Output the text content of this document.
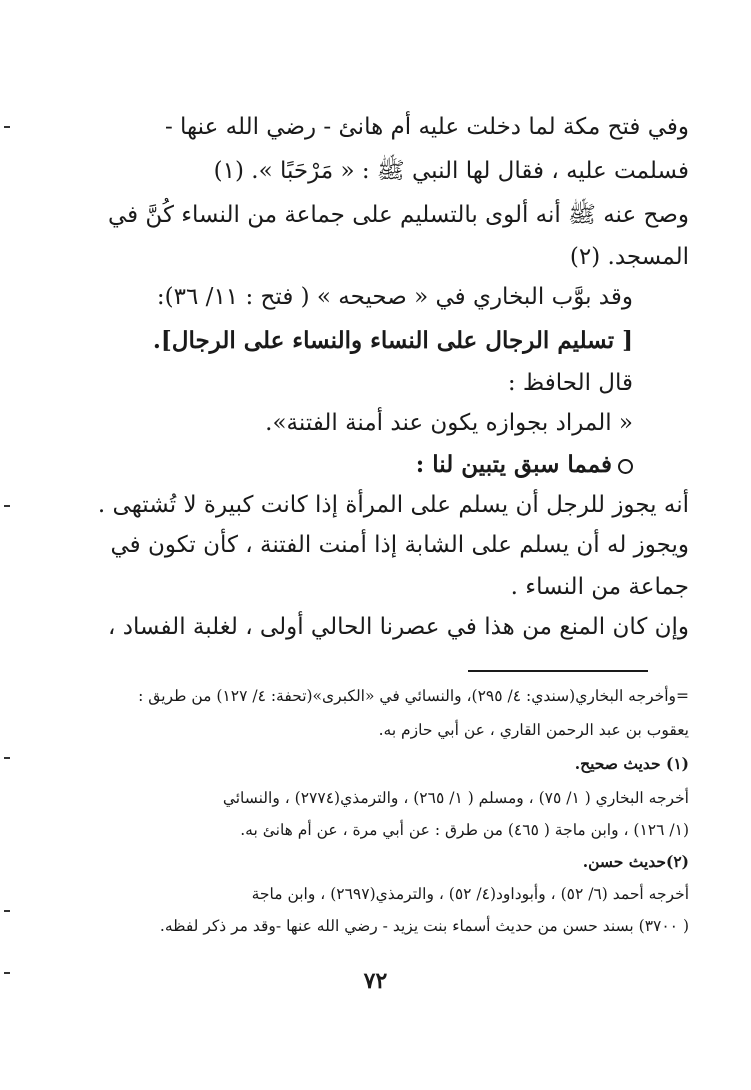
وفي فتح مكة لما دخلت عليه أم هانئ - رضي الله عنها -
فسلمت عليه ، فقال لها النبي ﷺ : « مَرْحَبًا ». (١)
وصح عنه ﷺ أنه ألوى بالتسليم على جماعة من النساء كُنَّ في
المسجد. (٢)
وقد بوَّب البخاري في « صحيحه » ( فتح : ١١/ ٣٦):
[ تسليم الرجال على النساء والنساء على الرجال].
قال الحافظ :
« المراد بجوازه يكون عند أمنة الفتنة».
فمما سبق يتبين لنا :
أنه يجوز للرجل أن يسلم على المرأة إذا كانت كبيرة لا تُشتهى .
ويجوز له أن يسلم على الشابة إذا أمنت الفتنة ، كأن تكون في
جماعة من النساء .
وإن كان المنع من هذا في عصرنا الحالي أولى ، لغلبة الفساد ،
=وأخرجه البخاري(سندي: ٤/ ٢٩٥)، والنسائي في «الكبرى»(تحفة: ٤/ ١٢٧) من طريق :
يعقوب بن عبد الرحمن القاري ، عن أبي حازم به.
(١) حديث صحيح.
أخرجه البخاري ( ١/ ٧٥) ، ومسلم ( ١/ ٢٦٥) ، والترمذي(٢٧٧٤) ، والنسائي
(١/ ١٢٦) ، وابن ماجة ( ٤٦٥) من طرق : عن أبي مرة ، عن أم هانئ به.
(٢)حديث حسن.
أخرجه أحمد (٦/ ٥٢) ، وأبوداود(٤/ ٥٢) ، والترمذي(٢٦٩٧) ، وابن ماجة
( ٣٧٠٠) بسند حسن من حديث أسماء بنت يزيد - رضي الله عنها -وقد مر ذكر لفظه.
٧٢
